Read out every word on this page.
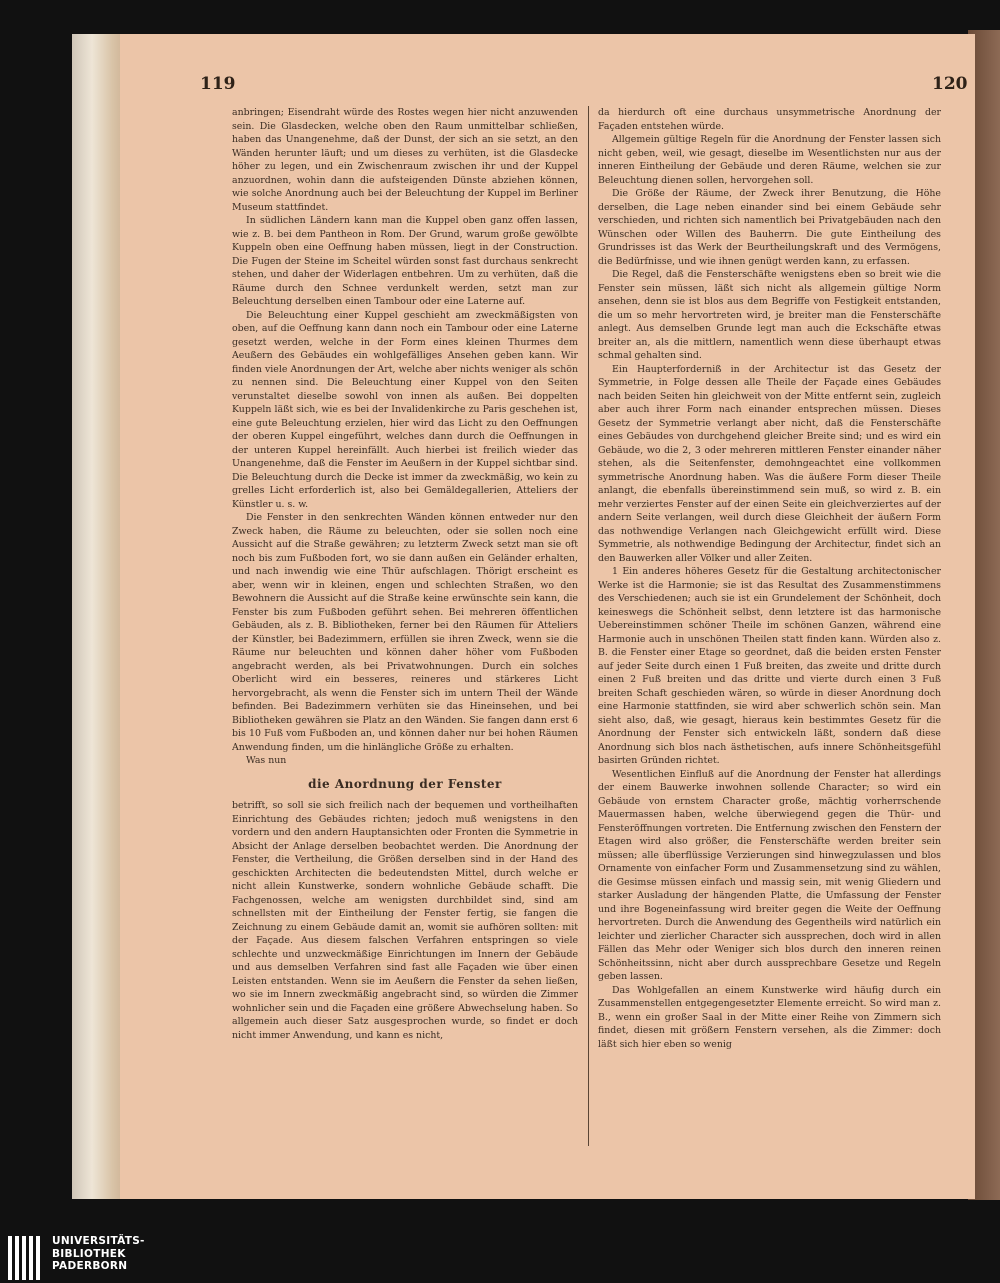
119	120

anbringen; Eisendraht würde des Rostes wegen hier nicht anzuwenden sein. Die Glasdecken, welche oben den Raum unmittelbar schließen, haben das Unangenehme, daß der Dunst, der sich an sie setzt, an den Wänden herunter läuft; und um dieses zu verhüten, ist die Glasdecke höher zu legen, und ein Zwischenraum zwischen ihr und der Kuppel anzuordnen, wohin dann die aufsteigenden Dünste abziehen können, wie solche Anordnung auch bei der Beleuchtung der Kuppel im Berliner Museum stattfindet.

In südlichen Ländern kann man die Kuppel oben ganz offen lassen, wie z. B. bei dem Pantheon in Rom. Der Grund, warum große gewölbte Kuppeln oben eine Oeffnung haben müssen, liegt in der Construction. Die Fugen der Steine im Scheitel würden sonst fast durchaus senkrecht stehen, und daher der Widerlagen entbehren. Um zu verhüten, daß die Räume durch den Schnee verdunkelt werden, setzt man zur Beleuchtung derselben einen Tambour oder eine Laterne auf.

Die Beleuchtung einer Kuppel geschieht am zweckmäßigsten von oben, auf die Oeffnung kann dann noch ein Tambour oder eine Laterne gesetzt werden, welche in der Form eines kleinen Thurmes dem Aeußern des Gebäudes ein wohlgefälliges Ansehen geben kann. Wir finden viele Anordnungen der Art, welche aber nichts weniger als schön zu nennen sind. Die Beleuchtung einer Kuppel von den Seiten verunstaltet dieselbe sowohl von innen als außen. Bei doppelten Kuppeln läßt sich, wie es bei der Invalidenkirche zu Paris geschehen ist, eine gute Beleuchtung erzielen, hier wird das Licht zu den Oeffnungen der oberen Kuppel eingeführt, welches dann durch die Oeffnungen in der unteren Kuppel hereinfällt. Auch hierbei ist freilich wieder das Unangenehme, daß die Fenster im Aeußern in der Kuppel sichtbar sind. Die Beleuchtung durch die Decke ist immer da zweckmäßig, wo kein zu grelles Licht erforderlich ist, also bei Gemäldegallerien, Atteliers der Künstler u. s. w.

Die Fenster in den senkrechten Wänden können entweder nur den Zweck haben, die Räume zu beleuchten, oder sie sollen noch eine Aussicht auf die Straße gewähren; zu letzterm Zweck setzt man sie oft noch bis zum Fußboden fort, wo sie dann außen ein Geländer erhalten, und nach inwendig wie eine Thür aufschlagen. Thörigt erscheint es aber, wenn wir in kleinen, engen und schlechten Straßen, wo den Bewohnern die Aussicht auf die Straße keine erwünschte sein kann, die Fenster bis zum Fußboden geführt sehen. Bei mehreren öffentlichen Gebäuden, als z. B. Bibliotheken, ferner bei den Räumen für Atteliers der Künstler, bei Badezimmern, erfüllen sie ihren Zweck, wenn sie die Räume nur beleuchten und können daher höher vom Fußboden angebracht werden, als bei Privatwohnungen. Durch ein solches Oberlicht wird ein besseres, reineres und stärkeres Licht hervorgebracht, als wenn die Fenster sich im untern Theil der Wände befinden. Bei Badezimmern verhüten sie das Hineinsehen, und bei Bibliotheken gewähren sie Platz an den Wänden. Sie fangen dann erst 6 bis 10 Fuß vom Fußboden an, und können daher nur bei hohen Räumen Anwendung finden, um die hinlängliche Größe zu erhalten.

Was nun

die Anordnung der Fenster

betrifft, so soll sie sich freilich nach der bequemen und vortheilhaften Einrichtung des Gebäudes richten; jedoch muß wenigstens in den vordern und den andern Hauptansichten oder Fronten die Symmetrie in Absicht der Anlage derselben beobachtet werden. Die Anordnung der Fenster, die Vertheilung, die Größen derselben sind in der Hand des geschickten Architecten die bedeutendsten Mittel, durch welche er nicht allein Kunstwerke, sondern wohnliche Gebäude schafft. Die Fachgenossen, welche am wenigsten durchbildet sind, sind am schnellsten mit der Eintheilung der Fenster fertig, sie fangen die Zeichnung zu einem Gebäude damit an, womit sie aufhören sollten: mit der Façade. Aus diesem falschen Verfahren entspringen so viele schlechte und unzweckmäßige Einrichtungen im Innern der Gebäude und aus demselben Verfahren sind fast alle Façaden wie über einen Leisten entstanden. Wenn sie im Aeußern die Fenster da sehen ließen, wo sie im Innern zweckmäßig angebracht sind, so würden die Zimmer wohnlicher sein und die Façaden eine größere Abwechselung haben. So allgemein auch dieser Satz ausgesprochen wurde, so findet er doch nicht immer Anwendung, und kann es nicht,

da hierdurch oft eine durchaus unsymmetrische Anordnung der Façaden entstehen würde.

Allgemein gültige Regeln für die Anordnung der Fenster lassen sich nicht geben, weil, wie gesagt, dieselbe im Wesentlichsten nur aus der inneren Eintheilung der Gebäude und deren Räume, welchen sie zur Beleuchtung dienen sollen, hervorgehen soll.

Die Größe der Räume, der Zweck ihrer Benutzung, die Höhe derselben, die Lage neben einander sind bei einem Gebäude sehr verschieden, und richten sich namentlich bei Privatgebäuden nach den Wünschen oder Willen des Bauherrn. Die gute Eintheilung des Grundrisses ist das Werk der Beurtheilungskraft und des Vermögens, die Bedürfnisse, und wie ihnen genügt werden kann, zu erfassen.

Die Regel, daß die Fensterschäfte wenigstens eben so breit wie die Fenster sein müssen, läßt sich nicht als allgemein gültige Norm ansehen, denn sie ist blos aus dem Begriffe von Festigkeit entstanden, die um so mehr hervortreten wird, je breiter man die Fensterschäfte anlegt. Aus demselben Grunde legt man auch die Eckschäfte etwas breiter an, als die mittlern, namentlich wenn diese überhaupt etwas schmal gehalten sind.

Ein Haupterforderniß in der Architectur ist das Gesetz der Symmetrie, in Folge dessen alle Theile der Façade eines Gebäudes nach beiden Seiten hin gleichweit von der Mitte entfernt sein, zugleich aber auch ihrer Form nach einander entsprechen müssen. Dieses Gesetz der Symmetrie verlangt aber nicht, daß die Fensterschäfte eines Gebäudes von durchgehend gleicher Breite sind; und es wird ein Gebäude, wo die 2, 3 oder mehreren mittleren Fenster einander näher stehen, als die Seitenfenster, demohngeachtet eine vollkommen symmetrische Anordnung haben. Was die äußere Form dieser Theile anlangt, die ebenfalls übereinstimmend sein muß, so wird z. B. ein mehr verziertes Fenster auf der einen Seite ein gleichverziertes auf der andern Seite verlangen, weil durch diese Gleichheit der äußern Form das nothwendige Verlangen nach Gleichgewicht erfüllt wird. Diese Symmetrie, als nothwendige Bedingung der Architectur, findet sich an den Bauwerken aller Völker und aller Zeiten.

1 Ein anderes höheres Gesetz für die Gestaltung architectonischer Werke ist die Harmonie; sie ist das Resultat des Zusammenstimmens des Verschiedenen; auch sie ist ein Grundelement der Schönheit, doch keineswegs die Schönheit selbst, denn letztere ist das harmonische Uebereinstimmen schöner Theile im schönen Ganzen, während eine Harmonie auch in unschönen Theilen statt finden kann. Würden also z. B. die Fenster einer Etage so geordnet, daß die beiden ersten Fenster auf jeder Seite durch einen 1 Fuß breiten, das zweite und dritte durch einen 2 Fuß breiten und das dritte und vierte durch einen 3 Fuß breiten Schaft geschieden wären, so würde in dieser Anordnung doch eine Harmonie stattfinden, sie wird aber schwerlich schön sein. Man sieht also, daß, wie gesagt, hieraus kein bestimmtes Gesetz für die Anordnung der Fenster sich entwickeln läßt, sondern daß diese Anordnung sich blos nach ästhetischen, aufs innere Schönheitsgefühl basirten Gründen richtet.

Wesentlichen Einfluß auf die Anordnung der Fenster hat allerdings der einem Bauwerke inwohnen sollende Character; so wird ein Gebäude von ernstem Character große, mächtig vorherrschende Mauermassen haben, welche überwiegend gegen die Thür- und Fensteröffnungen vortreten. Die Entfernung zwischen den Fenstern der Etagen wird also größer, die Fensterschäfte werden breiter sein müssen; alle überflüssige Verzierungen sind hinwegzulassen und blos Ornamente von einfacher Form und Zusammensetzung sind zu wählen, die Gesimse müssen einfach und massig sein, mit wenig Gliedern und starker Ausladung der hängenden Platte, die Umfassung der Fenster und ihre Bogeneinfassung wird breiter gegen die Weite der Oeffnung hervortreten. Durch die Anwendung des Gegentheils wird natürlich ein leichter und zierlicher Character sich aussprechen, doch wird in allen Fällen das Mehr oder Weniger sich blos durch den inneren reinen Schönheitssinn, nicht aber durch aussprechbare Gesetze und Regeln geben lassen.

Das Wohlgefallen an einem Kunstwerke wird häufig durch ein Zusammenstellen entgegengesetzter Elemente erreicht. So wird man z. B., wenn ein großer Saal in der Mitte einer Reihe von Zimmern sich findet, diesen mit größern Fenstern versehen, als die Zimmer: doch läßt sich hier eben so wenig

UNIVERSITÄTS-
BIBLIOTHEK
PADERBORN
